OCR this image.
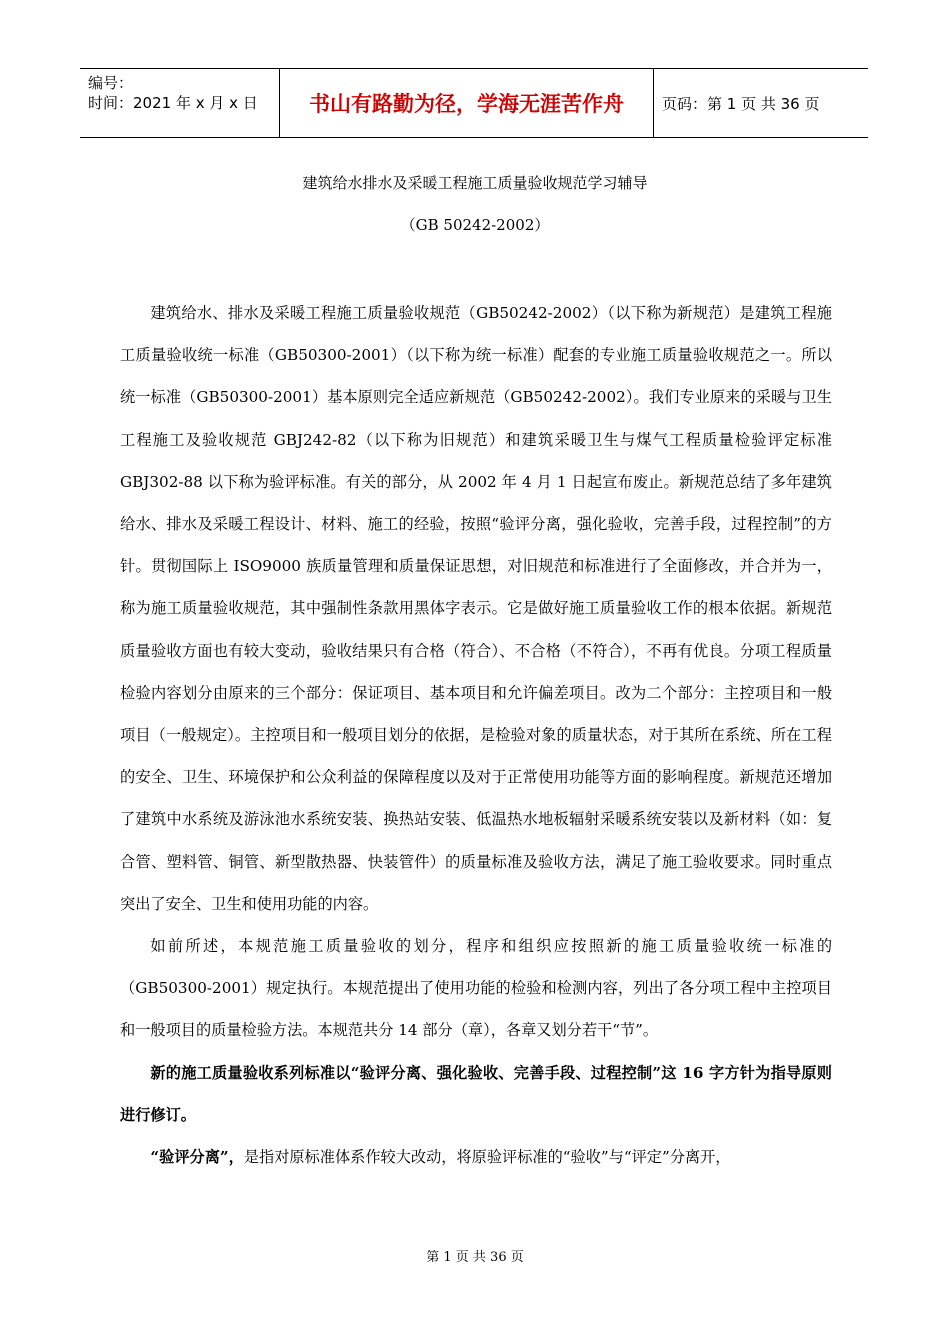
编号：
时间：2021 年 x 月 x 日	书山有路勤为径，学海无涯苦作舟	页码：第 1 页 共 36 页
建筑给水排水及采暖工程施工质量验收规范学习辅导
（GB 50242-2002）

建筑给水、排水及采暖工程施工质量验收规范（GB50242-2002）（以下称为新规范）是建筑工程施工质量验收统一标准（GB50300-2001）（以下称为统一标准）配套的专业施工质量验收规范之一。所以统一标准（GB50300-2001）基本原则完全适应新规范（GB50242-2002）。我们专业原来的采暖与卫生工程施工及验收规范 GBJ242-82（以下称为旧规范）和建筑采暖卫生与煤气工程质量检验评定标准 GBJ302-88 以下称为验评标准。有关的部分，从 2002 年 4 月 1 日起宣布废止。新规范总结了多年建筑给水、排水及采暖工程设计、材料、施工的经验，按照“验评分离，强化验收，完善手段，过程控制”的方针。贯彻国际上 ISO9000 族质量管理和质量保证思想，对旧规范和标准进行了全面修改，并合并为一，称为施工质量验收规范，其中强制性条款用黑体字表示。它是做好施工质量验收工作的根本依据。新规范质量验收方面也有较大变动，验收结果只有合格（符合）、不合格（不符合），不再有优良。分项工程质量检验内容划分由原来的三个部分：保证项目、基本项目和允许偏差项目。改为二个部分：主控项目和一般项目（一般规定）。主控项目和一般项目划分的依据，是检验对象的质量状态，对于其所在系统、所在工程的安全、卫生、环境保护和公众利益的保障程度以及对于正常使用功能等方面的影响程度。新规范还增加了建筑中水系统及游泳池水系统安装、换热站安装、低温热水地板辐射采暖系统安装以及新材料（如：复合管、塑料管、铜管、新型散热器、快装管件）的质量标准及验收方法，满足了施工验收要求。同时重点突出了安全、卫生和使用功能的内容。

如前所述，本规范施工质量验收的划分，程序和组织应按照新的施工质量验收统一标准的（GB50300-2001）规定执行。本规范提出了使用功能的检验和检测内容，列出了各分项工程中主控项目和一般项目的质量检验方法。本规范共分 14 部分（章），各章又划分若干“节”。

新的施工质量验收系列标准以“验评分离、强化验收、完善手段、过程控制”这 16 字方针为指导原则进行修订。

“验评分离”，是指对原标准体系作较大改动，将原验评标准的“验收”与“评定”分离开，

第 1 页 共 36 页
